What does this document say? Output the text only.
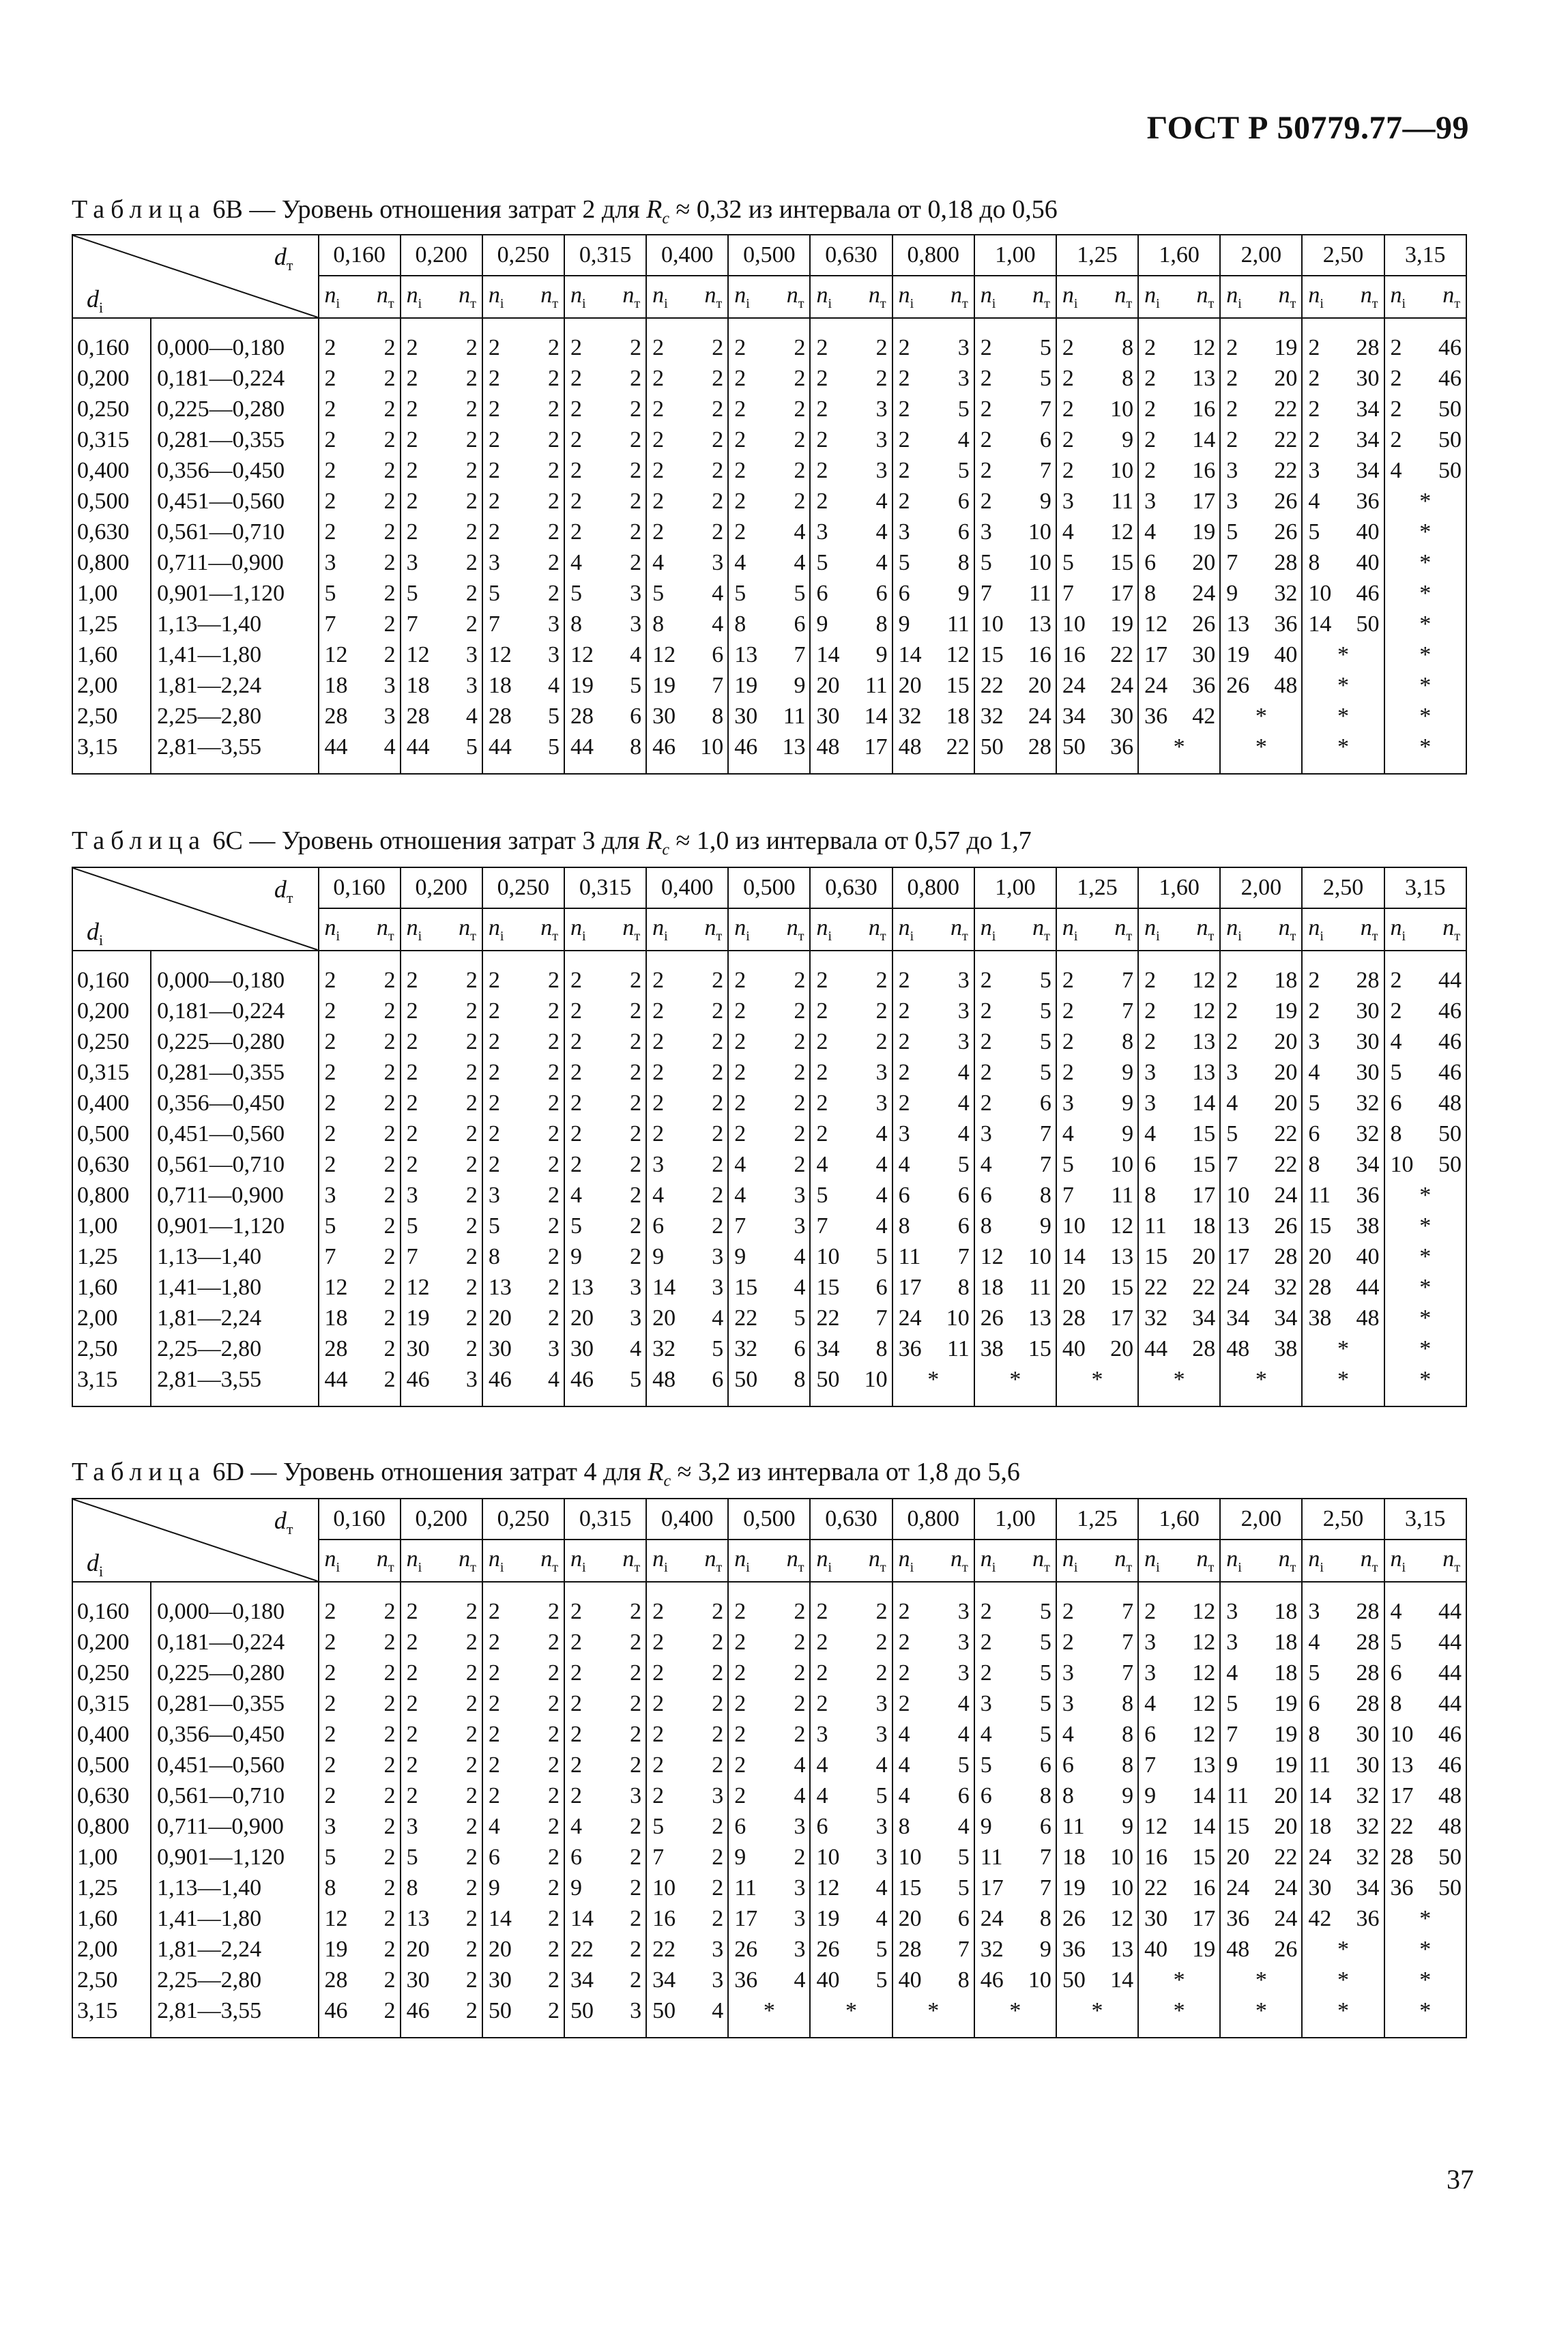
ГОСТ Р 50779.77—99
Таблица 6B — Уровень отношения затрат 2 для $R_c \approx 0,32$ из интервала от 0,18 до 0,56
$d_т$
$d_i$		0,160		0,200		0,250		0,315		0,400		0,500		0,630		0,800		1,00		1,25		1,60		2,00		2,50		3,15	

		$n_i$ $n_т$		$n_i$ $n_т$		$n_i$ $n_т$		$n_i$ $n_т$		$n_i$ $n_т$		$n_i$ $n_т$		$n_i$ $n_т$		$n_i$ $n_т$		$n_i$ $n_т$		$n_i$ $n_т$		$n_i$ $n_т$		$n_i$ $n_т$		$n_i$ $n_т$		$n_i$ $n_т$

0,160	0,000—0,180	2	2	2	2	2	2	2	2	2	2	2	2	2	2	2	3	2	5	2	8	2	12	2	19	2	28	2	46
0,200	0,181—0,224	2	2	2	2	2	2	2	2	2	2	2	2	2	2	2	3	2	5	2	8	2	13	2	20	2	30	2	46
0,250	0,225—0,280	2	2	2	2	2	2	2	2	2	2	2	2	2	3	2	5	2	7	2	10	2	16	2	22	2	34	2	50
0,315	0,281—0,355	2	2	2	2	2	2	2	2	2	2	2	2	2	3	2	4	2	6	2	9	2	14	2	22	2	34	2	50
0,400	0,356—0,450	2	2	2	2	2	2	2	2	2	2	2	2	2	3	2	5	2	7	2	10	2	16	3	22	3	34	4	50
0,500	0,451—0,560	2	2	2	2	2	2	2	2	2	2	2	2	2	4	2	6	2	9	3	11	3	17	3	26	4	36	*	
0,630	0,561—0,710	2	2	2	2	2	2	2	2	2	2	2	4	3	4	3	6	3	10	4	12	4	19	5	26	5	40	*	
0,800	0,711—0,900	3	2	3	2	3	2	4	2	4	3	4	4	5	4	5	8	5	10	5	15	6	20	7	28	8	40	*	
1,00	0,901—1,120	5	2	5	2	5	2	5	3	5	4	5	5	6	6	6	9	7	11	7	17	8	24	9	32	10	46	*	
1,25	1,13—1,40	7	2	7	2	7	3	8	3	8	4	8	6	9	8	9	11	10	13	10	19	12	26	13	36	14	50	*	
1,60	1,41—1,80	12	2	12	3	12	3	12	4	12	6	13	7	14	9	14	12	15	16	16	22	17	30	19	40	*		*	
2,00	1,81—2,24	18	3	18	3	18	4	19	5	19	7	19	9	20	11	20	15	22	20	24	24	24	36	26	48	*		*	
2,50	2,25—2,80	28	3	28	4	28	5	28	6	30	8	30	11	30	14	32	18	32	24	34	30	36	42	*		*		*	
3,15	2,81—3,55	44	4	44	5	44	5	44	8	46	10	46	13	48	17	48	22	50	28	50	36	*		*		*		*	

Таблица 6C — Уровень отношения затрат 3 для $R_c \approx 1,0$ из интервала от 0,57 до 1,7
$d_т$
$d_i$		0,160		0,200		0,250		0,315		0,400		0,500		0,630		0,800		1,00		1,25		1,60		2,00		2,50		3,15	

		$n_i$ $n_т$		$n_i$ $n_т$		$n_i$ $n_т$		$n_i$ $n_т$		$n_i$ $n_т$		$n_i$ $n_т$		$n_i$ $n_т$		$n_i$ $n_т$		$n_i$ $n_т$		$n_i$ $n_т$		$n_i$ $n_т$		$n_i$ $n_т$		$n_i$ $n_т$		$n_i$ $n_т$

0,160	0,000—0,180	2	2	2	2	2	2	2	2	2	2	2	2	2	2	2	3	2	5	2	7	2	12	2	18	2	28	2	44
0,200	0,181—0,224	2	2	2	2	2	2	2	2	2	2	2	2	2	2	2	3	2	5	2	7	2	12	2	19	2	30	2	46
0,250	0,225—0,280	2	2	2	2	2	2	2	2	2	2	2	2	2	2	2	3	2	5	2	8	2	13	2	20	3	30	4	46
0,315	0,281—0,355	2	2	2	2	2	2	2	2	2	2	2	2	2	3	2	4	2	5	2	9	3	13	3	20	4	30	5	46
0,400	0,356—0,450	2	2	2	2	2	2	2	2	2	2	2	2	2	3	2	4	2	6	3	9	3	14	4	20	5	32	6	48
0,500	0,451—0,560	2	2	2	2	2	2	2	2	2	2	2	2	2	4	3	4	3	7	4	9	4	15	5	22	6	32	8	50
0,630	0,561—0,710	2	2	2	2	2	2	2	2	3	2	4	2	4	4	4	5	4	7	5	10	6	15	7	22	8	34	10	50
0,800	0,711—0,900	3	2	3	2	3	2	4	2	4	2	4	3	5	4	6	6	6	8	7	11	8	17	10	24	11	36	*	
1,00	0,901—1,120	5	2	5	2	5	2	5	2	6	2	7	3	7	4	8	6	8	9	10	12	11	18	13	26	15	38	*	
1,25	1,13—1,40	7	2	7	2	8	2	9	2	9	3	9	4	10	5	11	7	12	10	14	13	15	20	17	28	20	40	*	
1,60	1,41—1,80	12	2	12	2	13	2	13	3	14	3	15	4	15	6	17	8	18	11	20	15	22	22	24	32	28	44	*	
2,00	1,81—2,24	18	2	19	2	20	2	20	3	20	4	22	5	22	7	24	10	26	13	28	17	32	34	34	34	38	48	*	
2,50	2,25—2,80	28	2	30	2	30	3	30	4	32	5	32	6	34	8	36	11	38	15	40	20	44	28	48	38	*		*	
3,15	2,81—3,55	44	2	46	3	46	4	46	5	48	6	50	8	50	10	*		*		*		*		*		*		*	

Таблица 6D — Уровень отношения затрат 4 для $R_c \approx 3,2$ из интервала от 1,8 до 5,6
$d_т$
$d_i$		0,160		0,200		0,250		0,315		0,400		0,500		0,630		0,800		1,00		1,25		1,60		2,00		2,50		3,15	

		$n_i$ $n_т$		$n_i$ $n_т$		$n_i$ $n_т$		$n_i$ $n_т$		$n_i$ $n_т$		$n_i$ $n_т$		$n_i$ $n_т$		$n_i$ $n_т$		$n_i$ $n_т$		$n_i$ $n_т$		$n_i$ $n_т$		$n_i$ $n_т$		$n_i$ $n_т$		$n_i$ $n_т$

0,160	0,000—0,180	2	2	2	2	2	2	2	2	2	2	2	2	2	2	2	3	2	5	2	7	2	12	3	18	3	28	4	44
0,200	0,181—0,224	2	2	2	2	2	2	2	2	2	2	2	2	2	2	2	3	2	5	2	7	3	12	3	18	4	28	5	44
0,250	0,225—0,280	2	2	2	2	2	2	2	2	2	2	2	2	2	2	2	3	2	5	3	7	3	12	4	18	5	28	6	44
0,315	0,281—0,355	2	2	2	2	2	2	2	2	2	2	2	2	2	3	2	4	3	5	3	8	4	12	5	19	6	28	8	44
0,400	0,356—0,450	2	2	2	2	2	2	2	2	2	2	2	2	3	3	4	4	4	5	4	8	6	12	7	19	8	30	10	46
0,500	0,451—0,560	2	2	2	2	2	2	2	2	2	2	2	4	4	4	4	5	5	6	6	8	7	13	9	19	11	30	13	46
0,630	0,561—0,710	2	2	2	2	2	2	2	3	2	3	2	4	4	5	4	6	6	8	8	9	9	14	11	20	14	32	17	48
0,800	0,711—0,900	3	2	3	2	4	2	4	2	5	2	6	3	6	3	8	4	9	6	11	9	12	14	15	20	18	32	22	48
1,00	0,901—1,120	5	2	5	2	6	2	6	2	7	2	9	2	10	3	10	5	11	7	18	10	16	15	20	22	24	32	28	50
1,25	1,13—1,40	8	2	8	2	9	2	9	2	10	2	11	3	12	4	15	5	17	7	19	10	22	16	24	24	30	34	36	50
1,60	1,41—1,80	12	2	13	2	14	2	14	2	16	2	17	3	19	4	20	6	24	8	26	12	30	17	36	24	42	36	*	
2,00	1,81—2,24	19	2	20	2	20	2	22	2	22	3	26	3	26	5	28	7	32	9	36	13	40	19	48	26	*		*	
2,50	2,25—2,80	28	2	30	2	30	2	34	2	34	3	36	4	40	5	40	8	46	10	50	14	*		*		*		*	
3,15	2,81—3,55	46	2	46	2	50	2	50	3	50	4	*		*		*		*		*		*		*		*		*	

37
